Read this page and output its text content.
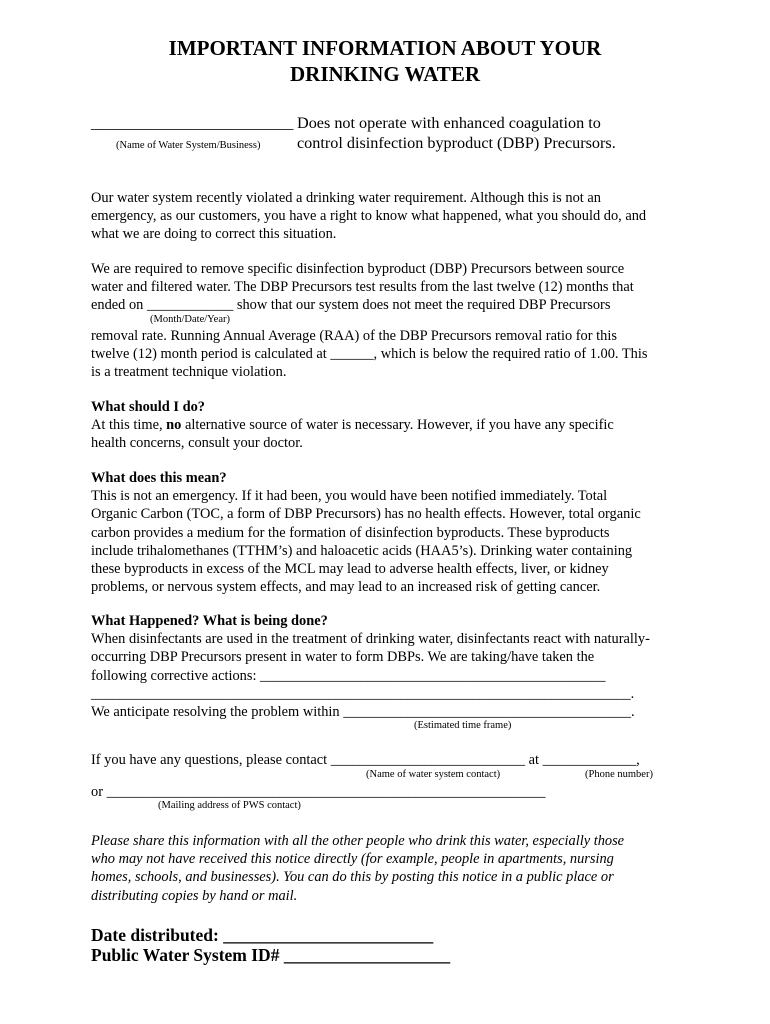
IMPORTANT INFORMATION ABOUT YOUR
DRINKING WATER
_________________________
(Name of Water System/Business)
Does not operate with enhanced coagulation to
control disinfection byproduct (DBP) Precursors.
Our water system recently violated a drinking water requirement. Although this is not an
emergency, as our customers, you have a right to know what happened, what you should do, and
what we are doing to correct this situation.
We are required to remove specific disinfection byproduct (DBP) Precursors between source
water and filtered water. The DBP Precursors test results from the last twelve (12) months that
ended on ____________ show that our system does not meet the required DBP Precursors
(Month/Date/Year)
removal rate. Running Annual Average (RAA) of the DBP Precursors removal ratio for this
twelve (12) month period is calculated at ______, which is below the required ratio of 1.00. This
is a treatment technique violation.
What should I do?
At this time, no alternative source of water is necessary. However, if you have any specific
health concerns, consult your doctor.
What does this mean?
This is not an emergency. If it had been, you would have been notified immediately. Total
Organic Carbon (TOC, a form of DBP Precursors) has no health effects. However, total organic
carbon provides a medium for the formation of disinfection byproducts. These byproducts
include trihalomethanes (TTHM’s) and haloacetic acids (HAA5’s). Drinking water containing
these byproducts in excess of the MCL may lead to adverse health effects, liver, or kidney
problems, or nervous system effects, and may lead to an increased risk of getting cancer.
What Happened? What is being done?
When disinfectants are used in the treatment of drinking water, disinfectants react with naturally-
occurring DBP Precursors present in water to form DBPs. We are taking/have taken the
following corrective actions: ________________________________________________
___________________________________________________________________________.
We anticipate resolving the problem within ________________________________________.
(Estimated time frame)
If you have any questions, please contact ___________________________ at _____________,
(Name of water system contact)	(Phone number)
or _____________________________________________________________
(Mailing address of PWS contact)
Please share this information with all the other people who drink this water, especially those
who may not have received this notice directly (for example, people in apartments, nursing
homes, schools, and businesses). You can do this by posting this notice in a public place or
distributing copies by hand or mail.
Date distributed: ________________________
Public Water System ID# ___________________
